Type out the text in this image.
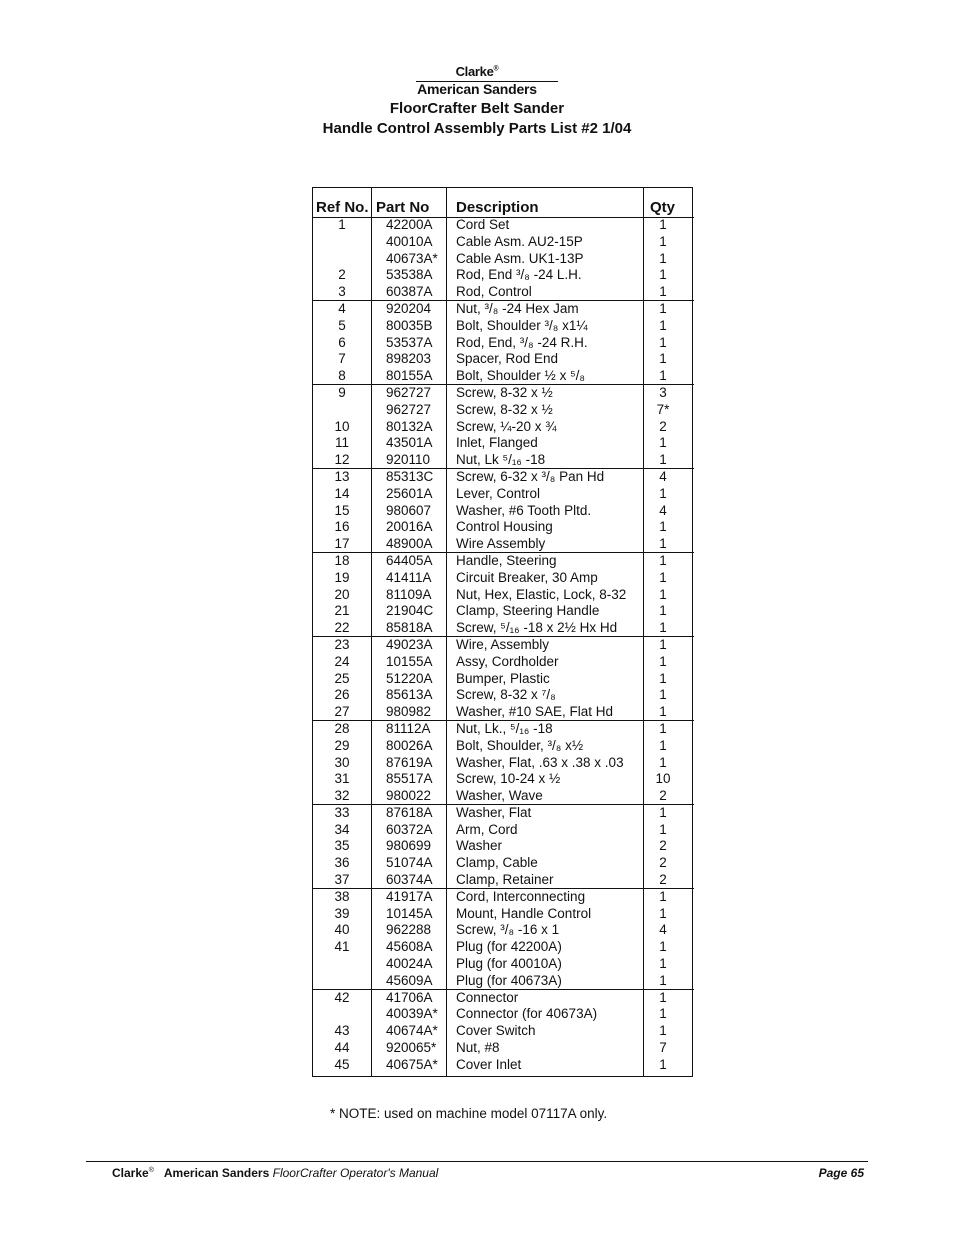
Clarke®
American Sanders
FloorCrafter Belt Sander
Handle Control Assembly Parts List #2 1/04
Ref No. Part No Description	Qty
1	42200A Cord Set	1
40010A Cable Asm. AU2-15P	1
40673A* Cable Asm. UK1-13P	1
2	53538A Rod, End ³/₈ -24 L.H.	1
3	60387A Rod, Control	1
4	920204 Nut, ³/₈ -24 Hex Jam	1
5	80035B Bolt, Shoulder ³/₈ x1¼	1
6	53537A Rod, End, ³/₈ -24 R.H.	1
7	898203 Spacer, Rod End	1
8	80155A Bolt, Shoulder ½ x ⁵/₈	1
9	962727 Screw, 8-32 x ½	3
962727 Screw, 8-32 x ½	7*
10	80132A Screw, ¼-20 x ¾	2
11	43501A Inlet, Flanged	1
12	920110 Nut, Lk ⁵/₁₆ -18	1
13	85313C Screw, 6-32 x ³/₈ Pan Hd	4
14	25601A Lever, Control	1
15	980607 Washer, #6 Tooth Pltd.	4
16	20016A Control Housing	1
17	48900A Wire Assembly	1
18	64405A Handle, Steering	1
19	41411A Circuit Breaker, 30 Amp	1
20	81109A Nut, Hex, Elastic, Lock, 8-32	1
21	21904C Clamp, Steering Handle	1
22	85818A Screw, ⁵/₁₆ -18 x 2½ Hx Hd	1
23	49023A Wire, Assembly	1
24	10155A Assy, Cordholder	1
25	51220A Bumper, Plastic	1
26	85613A Screw, 8-32 x ⁷/₈	1
27	980982 Washer, #10 SAE, Flat Hd	1
28	81112A Nut, Lk., ⁵/₁₆ -18	1
29	80026A Bolt, Shoulder, ³/₈ x½	1
30	87619A Washer, Flat, .63 x .38 x .03	1
31	85517A Screw, 10-24 x ½	10
32	980022 Washer, Wave	2
33	87618A Washer, Flat	1
34	60372A Arm, Cord	1
35	980699 Washer	2
36	51074A Clamp, Cable	2
37	60374A Clamp, Retainer	2
38	41917A Cord, Interconnecting	1
39	10145A Mount, Handle Control	1
40	962288 Screw, ³/₈ -16 x 1	4
41	45608A Plug (for 42200A)	1
40024A Plug (for 40010A)	1
45609A Plug (for 40673A)	1
42	41706A Connector	1
40039A* Connector (for 40673A)	1
43	40674A* Cover Switch	1
44	920065* Nut, #8	7
45	40675A* Cover Inlet	1
* NOTE: used on machine model 07117A only.
Clarke® American Sanders FloorCrafter Operator's Manual	Page 65
